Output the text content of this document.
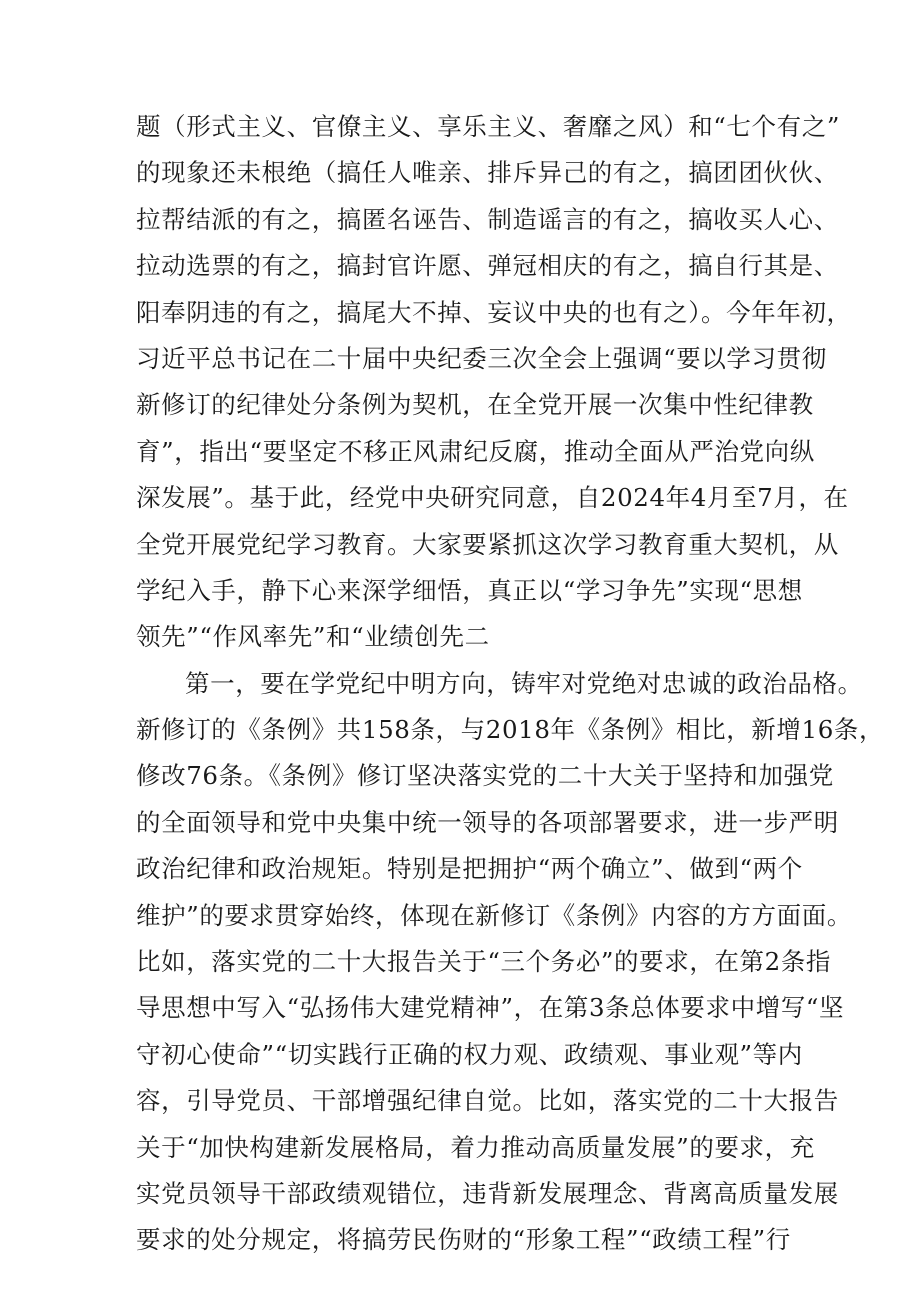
题（形式主义、官僚主义、享乐主义、奢靡之风）和“七个有之”
的现象还未根绝（搞任人唯亲、排斥异己的有之，搞团团伙伙、
拉帮结派的有之，搞匿名诬告、制造谣言的有之，搞收买人心、
拉动选票的有之，搞封官许愿、弹冠相庆的有之，搞自行其是、
阳奉阴违的有之，搞尾大不掉、妄议中央的也有之）。今年年初，
习近平总书记在二十届中央纪委三次全会上强调“要以学习贯彻
新修订的纪律处分条例为契机，在全党开展一次集中性纪律教
育”，指出“要坚定不移正风肃纪反腐，推动全面从严治党向纵
深发展”。基于此，经党中央研究同意，自2024年4月至7月，在
全党开展党纪学习教育。大家要紧抓这次学习教育重大契机，从
学纪入手，静下心来深学细悟，真正以“学习争先”实现“思想
领先”“作风率先”和“业绩创先二
第一，要在学党纪中明方向，铸牢对党绝对忠诚的政治品格。
新修订的《条例》共158条，与2018年《条例》相比，新增16条，
修改76条。《条例》修订坚决落实党的二十大关于坚持和加强党
的全面领导和党中央集中统一领导的各项部署要求，进一步严明
政治纪律和政治规矩。特别是把拥护“两个确立”、做到“两个
维护”的要求贯穿始终，体现在新修订《条例》内容的方方面面。
比如，落实党的二十大报告关于“三个务必”的要求，在第2条指
导思想中写入“弘扬伟大建党精神”，在第3条总体要求中增写“坚
守初心使命”“切实践行正确的权力观、政绩观、事业观”等内
容，引导党员、干部增强纪律自觉。比如，落实党的二十大报告
关于“加快构建新发展格局，着力推动高质量发展”的要求，充
实党员领导干部政绩观错位，违背新发展理念、背离高质量发展
要求的处分规定，将搞劳民伤财的“形象工程”“政绩工程”行
